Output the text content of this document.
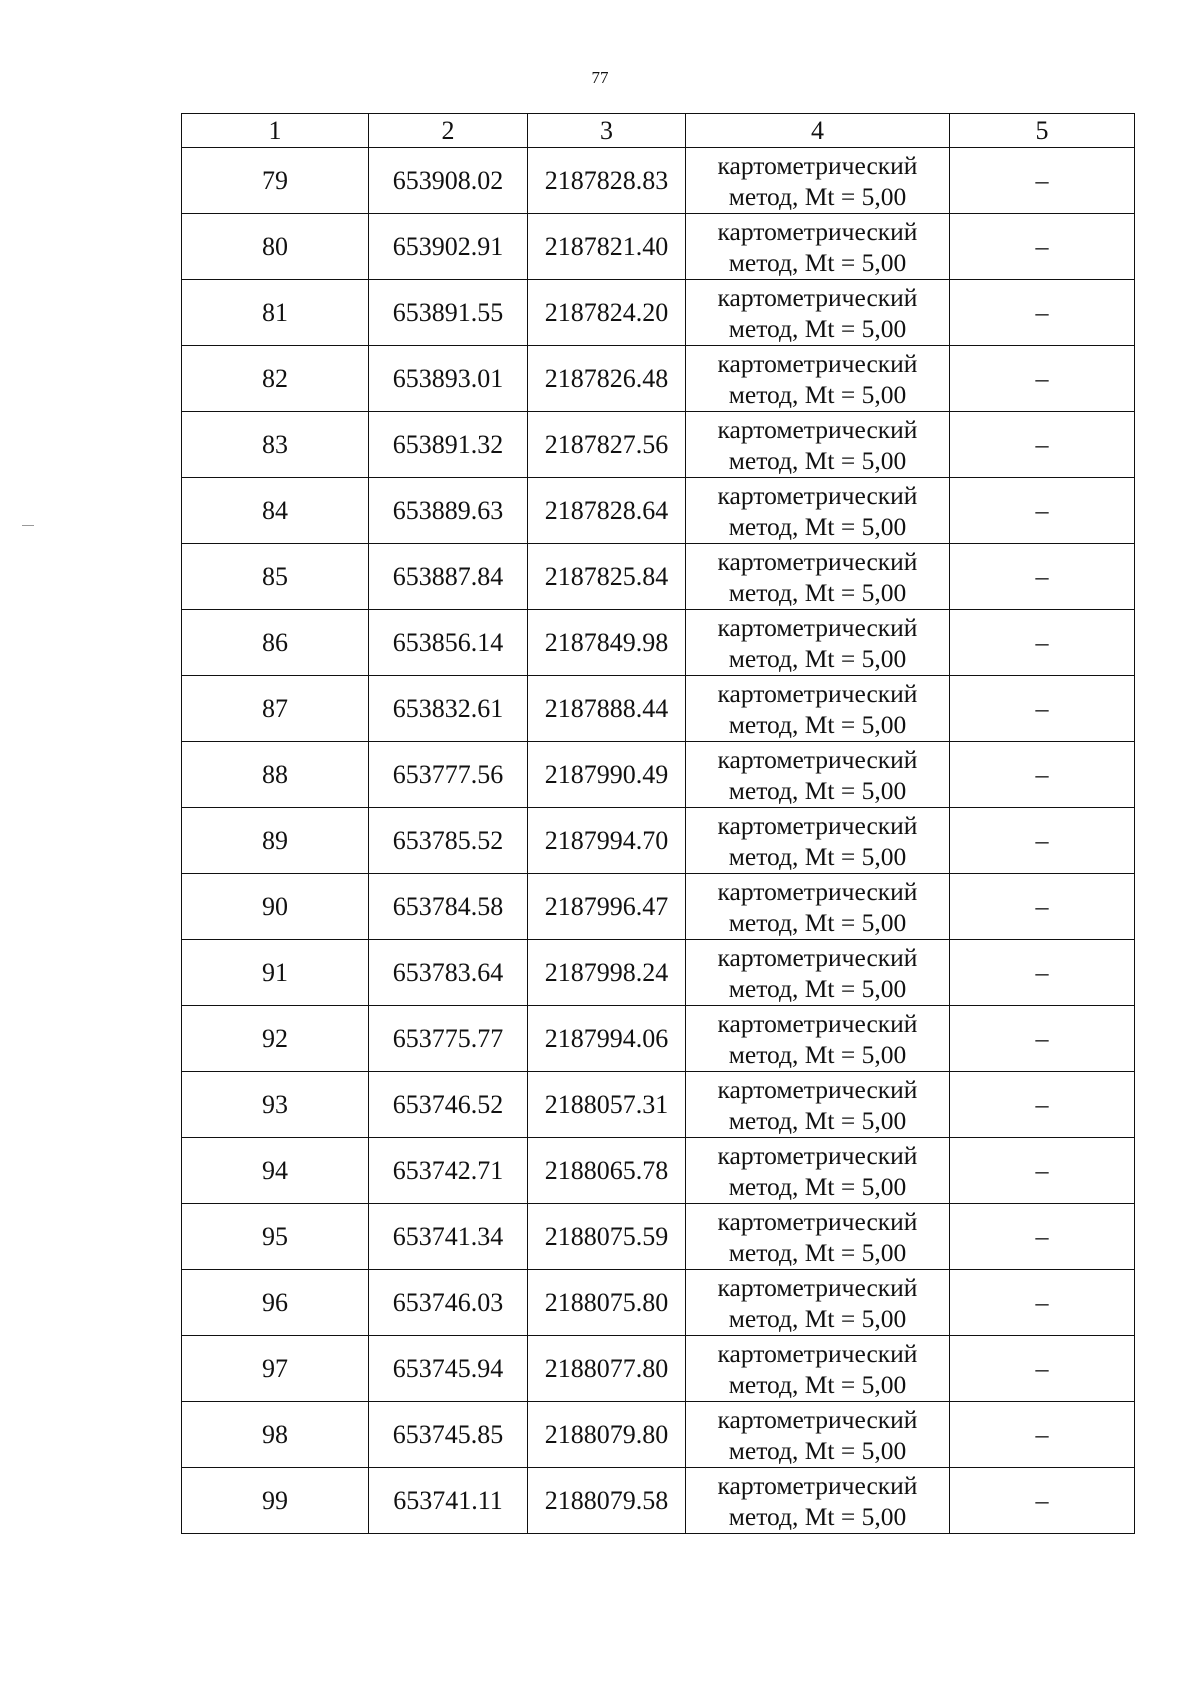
77
1	2	3	4	5
79	653908.02	2187828.83	картометрический
метод, Mt = 5,00	–
80	653902.91	2187821.40	картометрический
метод, Mt = 5,00	–
81	653891.55	2187824.20	картометрический
метод, Mt = 5,00	–
82	653893.01	2187826.48	картометрический
метод, Mt = 5,00	–
83	653891.32	2187827.56	картометрический
метод, Mt = 5,00	–
84	653889.63	2187828.64	картометрический
метод, Mt = 5,00	–
85	653887.84	2187825.84	картометрический
метод, Mt = 5,00	–
86	653856.14	2187849.98	картометрический
метод, Mt = 5,00	–
87	653832.61	2187888.44	картометрический
метод, Mt = 5,00	–
88	653777.56	2187990.49	картометрический
метод, Mt = 5,00	–
89	653785.52	2187994.70	картометрический
метод, Mt = 5,00	–
90	653784.58	2187996.47	картометрический
метод, Mt = 5,00	–
91	653783.64	2187998.24	картометрический
метод, Mt = 5,00	–
92	653775.77	2187994.06	картометрический
метод, Mt = 5,00	–
93	653746.52	2188057.31	картометрический
метод, Mt = 5,00	–
94	653742.71	2188065.78	картометрический
метод, Mt = 5,00	–
95	653741.34	2188075.59	картометрический
метод, Mt = 5,00	–
96	653746.03	2188075.80	картометрический
метод, Mt = 5,00	–
97	653745.94	2188077.80	картометрический
метод, Mt = 5,00	–
98	653745.85	2188079.80	картометрический
метод, Mt = 5,00	–
99	653741.11	2188079.58	картометрический
метод, Mt = 5,00	–
